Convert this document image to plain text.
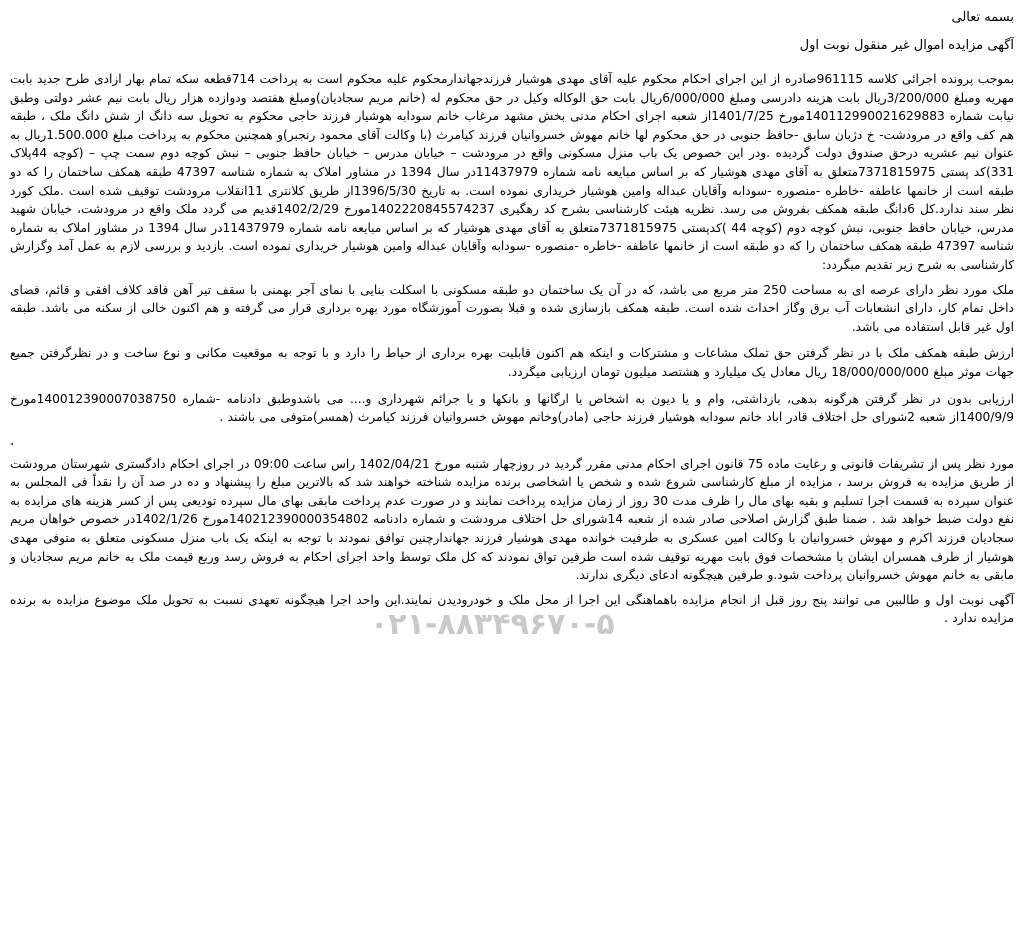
بسمه تعالی
آگهی مزایده اموال غیر منقول نوبت اول

بموجب پرونده اجرائی کلاسه 961115صادره از این اجرای احکام محکوم علیه آقای مهدی هوشیار فرزندجهاندارمحکوم علیه محکوم است به پرداخت 714قطعه سکه تمام بهار ازادی طرح جدید بابت مهریه ومبلغ 3/200/000ریال بابت هزینه دادرسی ومبلغ 6/000/000ریال بابت حق الوکاله وکیل در حق محکوم له (خانم مریم سجادیان)ومبلغ هفتصد ودوازده هزار ریال بابت نیم عشر دولتی وطبق نیابت شماره 140112990021629883مورخ 1401/7/25از شعبه اجرای احکام مدنی بخش مشهد مرغاب خانم سودابه هوشیار فرزند حاجی محکوم به تحویل سه دانگ از شش دانگ ملک ، طبقه هم کف واقع در مرودشت- خ دژبان سابق -حافظ جنوبی در حق محکوم لها خانم مهوش خسروانیان فرزند کیامرث (با وکالت آقای محمود رنجبر)و همچنین محکوم به پرداخت مبلغ 1.500.000ریال به عنوان نیم عشریه درحق صندوق دولت گردیده .ودر این خصوص یک باب منزل مسکونی واقع در مرودشت – خیابان مدرس – خیابان حافظ جنوبی – نبش کوچه دوم سمت چپ – (کوچه 44پلاک 331)کد پستی 7371815975متعلق به آقای مهدی هوشیار که بر اساس مبایعه نامه شماره 11437979در سال 1394 در مشاور املاک به شماره شناسه 47397 طبقه همکف ساختمان را که دو طبقه است از خانمها عاطفه -خاطره -منصوره -سودابه وآقایان عبداله وامین هوشیار خریداری نموده است. به تاریخ 1396/5/30از طریق کلانتری 11انقلاب مرودشت توقیف شده است .ملک کورد نظر سند ندارد.کل 6دانگ طبقه همکف بفروش می رسد. نظریه هیئت کارشناسی بشرح کد رهگیری 1402220845574237مورخ 1402/2/29قدیم می گردد ملک واقع در مرودشت، خیابان شهید مدرس، خیابان حافظ جنوبی، نبش کوچه دوم (کوچه 44 )کدپستی 7371815975متعلق به آقای مهدی هوشیار که بر اساس مبایعه نامه شماره 11437979در سال 1394 در مشاور املاک به شماره شناسه 47397 طبقه همکف ساختمان را که دو طبقه است از خانمها عاطفه -خاطره -منصوره -سودابه وآقایان عبداله وامین هوشیار خریداری نموده است. بازدید و بررسی لازم به عمل آمد وگزارش کارشناسی به شرح زیر تقدیم میگردد:

ملک مورد نظر دارای عرصه ای به مساحت 250 متر مربع می باشد، که در آن یک ساختمان دو طبقه مسکونی با اسکلت بنایی با نمای آجر بهمنی با سقف تیر آهن فاقد کلاف افقی و قائم، فضای داخل تمام کار، دارای انشعابات آب برق وگاز احداث شده است. طبقه همکف بازسازی شده و قبلا بصورت آموزشگاه مورد بهره برداری قرار می گرفته و هم اکنون خالی از سکنه می باشد. طبقه اول غیر قابل استفاده می باشد.

ارزش طبقه همکف ملک با در نظر گرفتن حق تملک مشاعات و مشترکات و اینکه هم اکنون قابلیت بهره برداری از حیاط را دارد و با توجه به موقعیت مکانی و نوع ساخت و در نظرگرفتن جمیع جهات موثر مبلغ 18/000/000/000 ریال معادل یک میلیارد و هشتصد میلیون تومان ارزیابی میگردد.

ارزیابی بدون در نظر گرفتن هرگونه بدهی، بازداشتی، وام و یا دیون به اشخاص یا ارگانها و بانکها و یا جرائم شهرداری و.... می باشدوطبق دادنامه -شماره 140012390007038750مورخ 1400/9/9از شعبه 2شورای حل اختلاف قادر اباد خانم سودابه هوشیار فرزند حاجی (مادر)وخانم مهوش خسروانیان فرزند کیامرث (همسر)متوفی می باشند .

.

مورد نظر پس از تشریفات قانونی و رعایت ماده 75 قانون اجرای احکام مدنی مقرر گردید در روزچهار شنبه مورخ 1402/04/21 راس ساعت 09:00 در اجرای احکام دادگستری شهرستان مرودشت از طریق مزایده به فروش برسد ، مزایده از مبلغ کارشناسی شروع شده و شخص یا اشخاصی برنده مزایده شناخته خواهند شد که بالاترین مبلغ را پیشنهاد و ده در صد آن را نقداً فی المجلس به عنوان سپرده به قسمت اجرا تسلیم و بقیه بهای مال را ظرف مدت 30 روز از زمان مزایده پرداخت نمایند و در صورت عدم پرداخت مابقی بهای مال سپرده تودیعی پس از کسر هزینه های مزایده به نفع دولت ضبط خواهد شد . ضمنا طبق گزارش اصلاحی صادر شده از شعبه 14شورای حل اختلاف مرودشت و شماره دادنامه 140212390000354802مورخ 1402/1/26در خصوص خواهان مریم سجادیان فرزند اکرم و مهوش خسروانیان با وکالت امین عسکری به طرفیت خوانده مهدی هوشیار فرزند جهاندارچنین توافق نمودند با توجه به اینکه یک باب منزل مسکونی متعلق به متوفی مهدی هوشیار از طرف همسران ایشان با مشخصات فوق بابت مهریه توقیف شده است طرفین تواق نمودند که کل ملک توسط واحد اجرای احکام به فروش رسد وربع قیمت ملک به خانم مریم سجادیان و مابقی به خانم مهوش خسروانیان پرداخت شود.و طرفین هیچگونه ادعای دیگری ندارند.

آگهی نوبت اول و طالبین می توانند پنج روز قبل از انجام مزایده باهماهنگی این اجرا از محل ملک و خودرودیدن نمایند.این واحد اجرا هیچگونه تعهدی نسبت به تحویل ملک موضوع مزایده به برنده مزایده ندارد .

۰۲۱-۸۸۳۴۹۶۷۰-۵
